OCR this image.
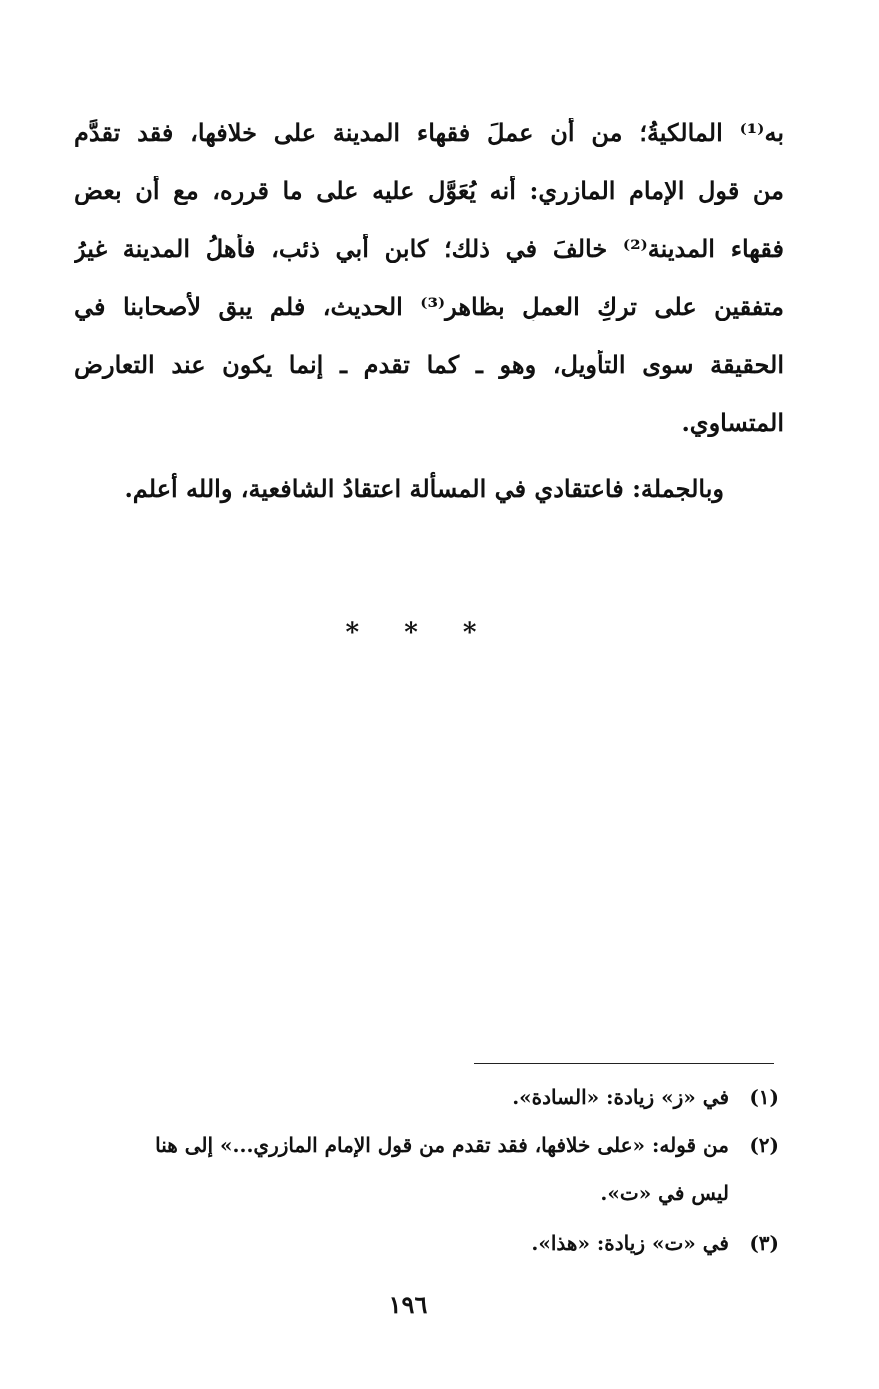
به⁽¹⁾ المالكيةُ؛ من أن عملَ فقهاء المدينة على خلافها، فقد تقدَّم
من قول الإمام المازري: أنه يُعَوَّل عليه على ما قرره، مع أن بعض
فقهاء المدينة⁽²⁾ خالفَ في ذلك؛ كابن أبي ذئب، فأهلُ المدينة غيرُ
متفقين على تركِ العملِ بظاهر⁽³⁾ الحديث، فلم يبق لأصحابنا في
الحقيقة سوى التأويل، وهو ـ كما تقدم ـ إنما يكون عند التعارض
المتساوي.
وبالجملة: فاعتقادي في المسألة اعتقادُ الشافعية، والله أعلم.
* * *
(١)في «ز» زيادة: «السادة».
(٢)من قوله: «على خلافها، فقد تقدم من قول الإمام المازري...» إلى هنا
ليس في «ت».
(٣)في «ت» زيادة: «هذا».
١٩٦
